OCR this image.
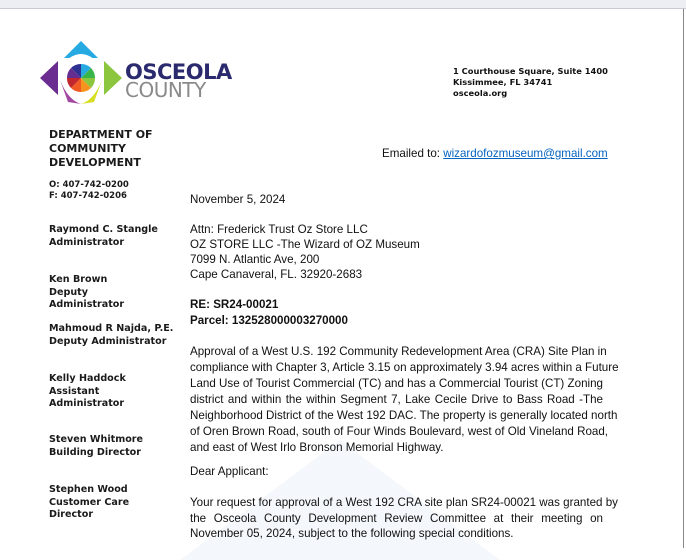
OSCEOLA
COUNTY
1 Courthouse Square, Suite 1400
Kissimmee, FL 34741
osceola.org
DEPARTMENT OF
COMMUNITY
DEVELOPMENT
O: 407-742-0200
F: 407-742-0206
Raymond C. Stangle
Administrator
Ken Brown
Deputy
Administrator
Mahmoud R Najda, P.E.
Deputy Administrator
Kelly Haddock
Assistant
Administrator
Steven Whitmore
Building Director
Stephen Wood
Customer Care
Director
Emailed to: wizardofozmuseum@gmail.com
November 5, 2024
Attn: Frederick Trust Oz Store LLC
OZ STORE LLC -The Wizard of OZ Museum
7099 N. Atlantic Ave, 200
Cape Canaveral, FL. 32920-2683
RE: SR24-00021
Parcel: 132528000003270000
Approval of a West U.S. 192 Community Redevelopment Area (CRA) Site Plan in
compliance with Chapter 3, Article 3.15 on approximately 3.94 acres within a Future
Land Use of Tourist Commercial (TC) and has a Commercial Tourist (CT) Zoning
district and within the within Segment 7, Lake Cecile Drive to Bass Road -The
Neighborhood District of the West 192 DAC. The property is generally located north
of Oren Brown Road, south of Four Winds Boulevard, west of Old Vineland Road,
and east of West Irlo Bronson Memorial Highway.
Dear Applicant:
Your request for approval of a West 192 CRA site plan SR24-00021 was granted by
the Osceola County Development Review Committee at their meeting on
November 05, 2024, subject to the following special conditions.
